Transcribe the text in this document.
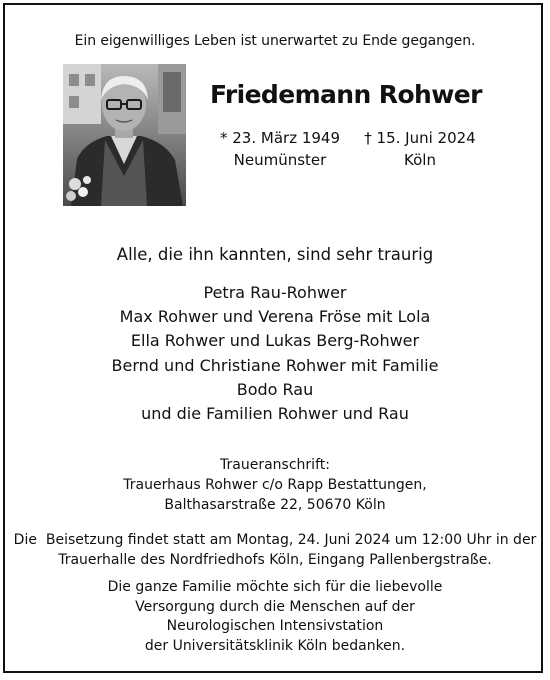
Ein eigenwilliges Leben ist unerwartet zu Ende gegangen.
Friedemann Rohwer
* 23. März 1949
Neumünster
† 15. Juni 2024
Köln
Alle, die ihn kannten, sind sehr traurig
Petra Rau-Rohwer
Max Rohwer und Verena Fröse mit Lola
Ella Rohwer und Lukas Berg-Rohwer
Bernd und Christiane Rohwer mit Familie
Bodo Rau
und die Familien Rohwer und Rau
Traueranschrift:
Trauerhaus Rohwer c/o Rapp Bestattungen,
Balthasarstraße 22, 50670 Köln
Die  Beisetzung findet statt am Montag, 24. Juni 2024 um 12:00 Uhr in der
Trauerhalle des Nordfriedhofs Köln, Eingang Pallenbergstraße.
Die ganze Familie möchte sich für die liebevolle
Versorgung durch die Menschen auf der
Neurologischen Intensivstation
der Universitätsklinik Köln bedanken.
